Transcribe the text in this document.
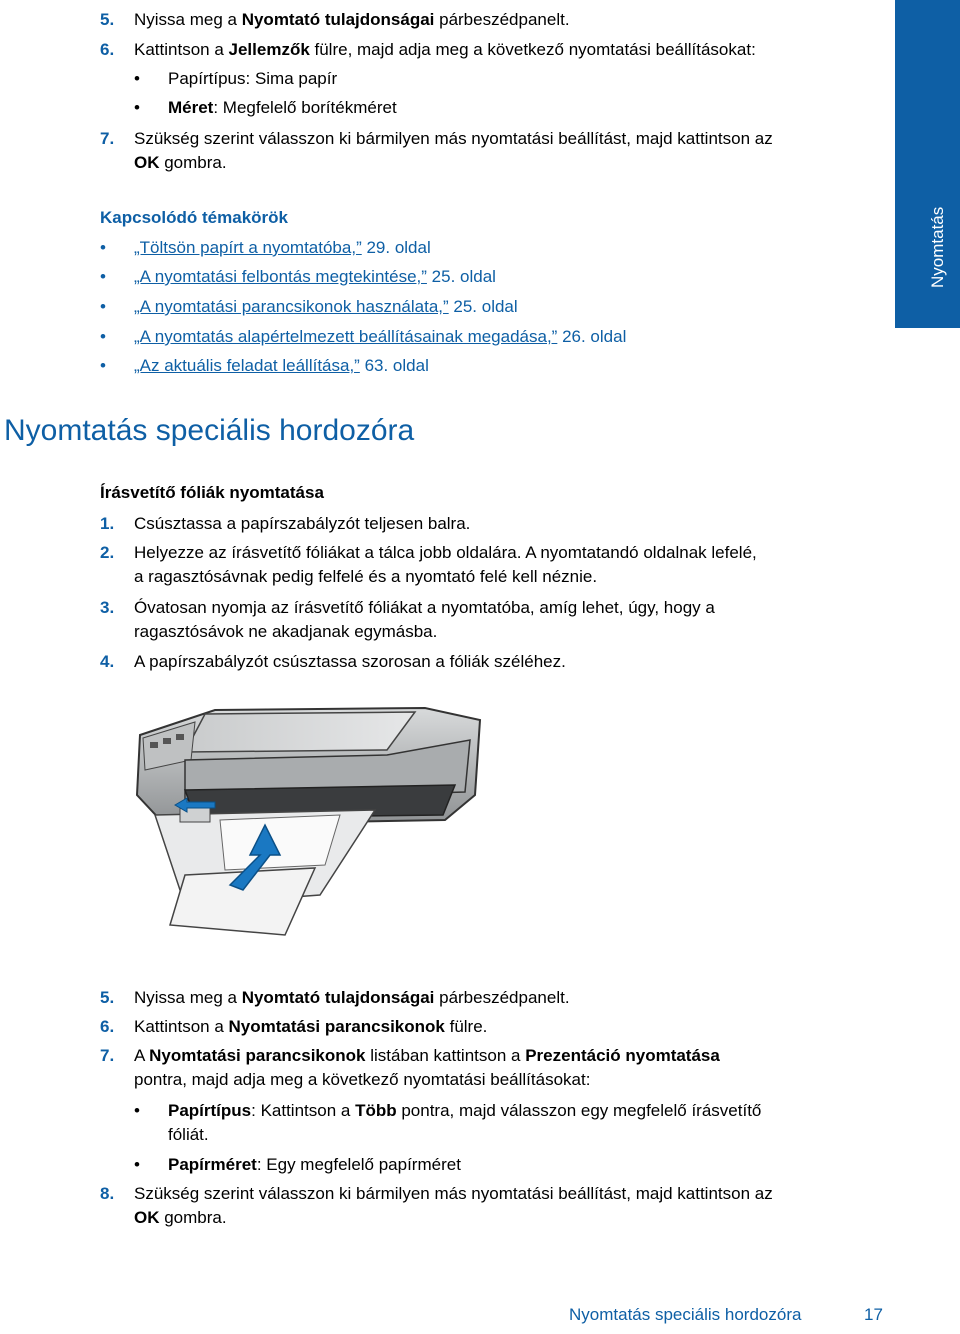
Nyomtatás
5. Nyissa meg a Nyomtató tulajdonságai párbeszédpanelt.
6. Kattintson a Jellemzők fülre, majd adja meg a következő nyomtatási beállításokat:
• Papírtípus: Sima papír
• Méret: Megfelelő borítékméret
7. Szükség szerint válasszon ki bármilyen más nyomtatási beállítást, majd kattintson az
OK gombra.
Kapcsolódó témakörök
• „Töltsön papírt a nyomtatóba,” 29. oldal
• „A nyomtatási felbontás megtekintése,” 25. oldal
• „A nyomtatási parancsikonok használata,” 25. oldal
• „A nyomtatás alapértelmezett beállításainak megadása,” 26. oldal
• „Az aktuális feladat leállítása,” 63. oldal
Nyomtatás speciális hordozóra
Írásvetítő fóliák nyomtatása
1. Csúsztassa a papírszabályzót teljesen balra.
2. Helyezze az írásvetítő fóliákat a tálca jobb oldalára. A nyomtatandó oldalnak lefelé,
a ragasztósávnak pedig felfelé és a nyomtató felé kell néznie.
3. Óvatosan nyomja az írásvetítő fóliákat a nyomtatóba, amíg lehet, úgy, hogy a
ragasztósávok ne akadjanak egymásba.
4. A papírszabályzót csúsztassa szorosan a fóliák széléhez.
5. Nyissa meg a Nyomtató tulajdonságai párbeszédpanelt.
6. Kattintson a Nyomtatási parancsikonok fülre.
7. A Nyomtatási parancsikonok listában kattintson a Prezentáció nyomtatása
pontra, majd adja meg a következő nyomtatási beállításokat:
• Papírtípus: Kattintson a Több pontra, majd válasszon egy megfelelő írásvetítő
fóliát.
• Papírméret: Egy megfelelő papírméret
8. Szükség szerint válasszon ki bármilyen más nyomtatási beállítást, majd kattintson az
OK gombra.
Nyomtatás speciális hordozóra	17
